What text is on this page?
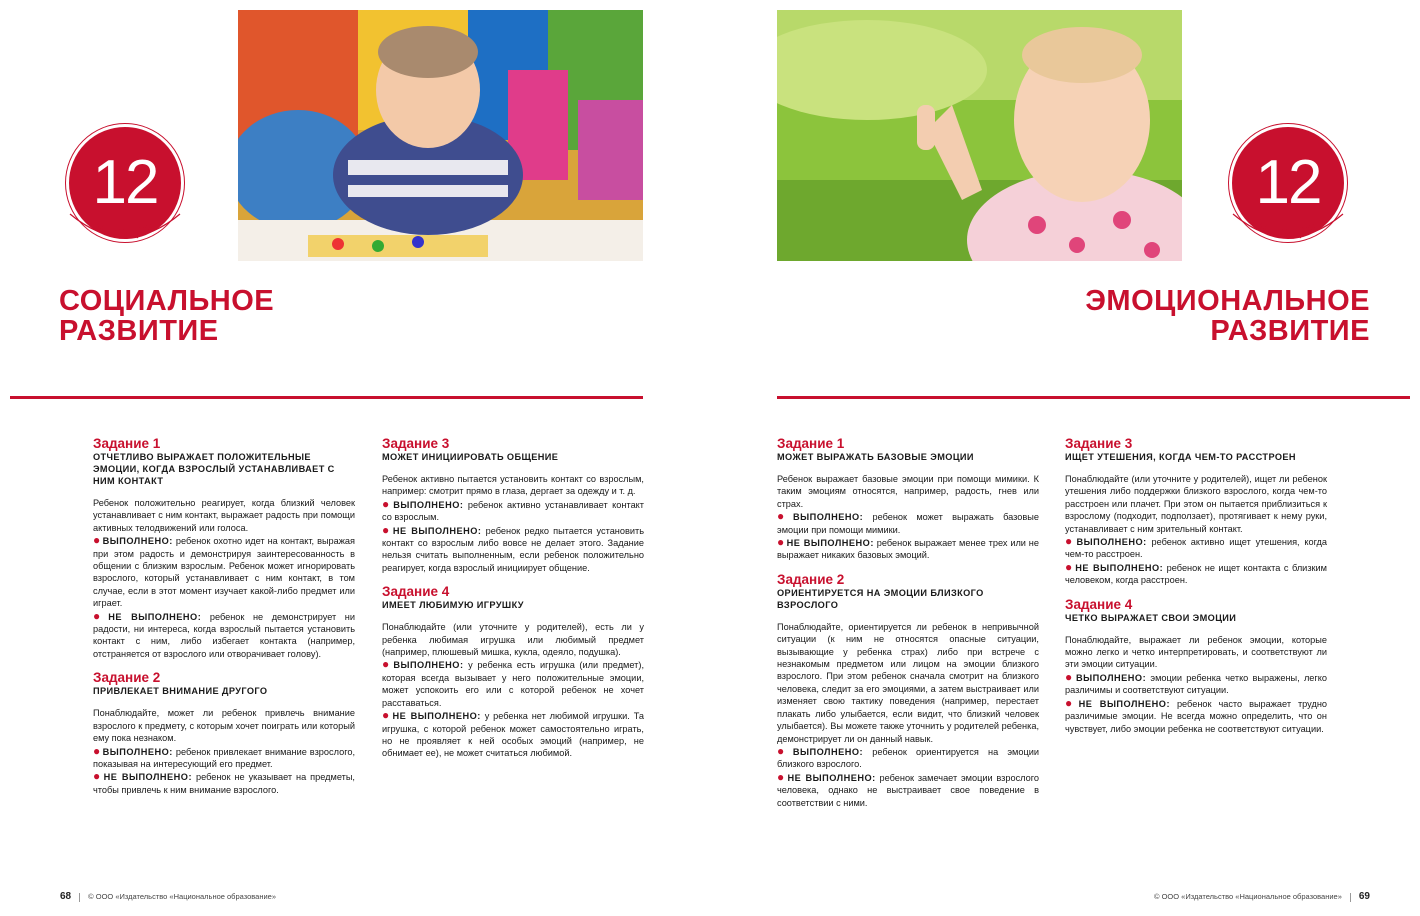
12
МЕСЯЦЕВ
СОЦИАЛЬНОЕ
РАЗВИТИЕ
Задание 1
ОТЧЕТЛИВО ВЫРАЖАЕТ ПОЛОЖИТЕЛЬНЫЕ ЭМОЦИИ, КОГДА ВЗРОСЛЫЙ УСТАНАВЛИВАЕТ С НИМ КОНТАКТ

Ребенок положительно реагирует, когда близкий человек устанавливает с ним контакт, выражает радость при помощи активных телодвижений или голоса.

● ВЫПОЛНЕНО: ребенок охотно идет на контакт, выражая при этом радость и демонстрируя заинтересованность в общении с близким взрослым. Ребенок может игнорировать взрослого, который устанавливает с ним контакт, в том случае, если в этот момент изучает какой-либо предмет или играет.

● НЕ ВЫПОЛНЕНО: ребенок не демонстрирует ни радости, ни интереса, когда взрослый пытается установить контакт с ним, либо избегает контакта (например, отстраняется от взрослого или отворачивает голову).

Задание 2
ПРИВЛЕКАЕТ ВНИМАНИЕ ДРУГОГО

Понаблюдайте, может ли ребенок привлечь внимание взрослого к предмету, с которым хочет поиграть или который ему пока незнаком.

● ВЫПОЛНЕНО: ребенок привлекает внимание взрослого, показывая на интересующий его предмет.

● НЕ ВЫПОЛНЕНО: ребенок не указывает на предметы, чтобы привлечь к ним внимание взрослого.

Задание 3
МОЖЕТ ИНИЦИИРОВАТЬ ОБЩЕНИЕ

Ребенок активно пытается установить контакт со взрослым, например: смотрит прямо в глаза, дергает за одежду и т. д.

● ВЫПОЛНЕНО: ребенок активно устанавливает контакт со взрослым.

● НЕ ВЫПОЛНЕНО: ребенок редко пытается установить контакт со взрослым либо вовсе не делает этого. Задание нельзя считать выполненным, если ребенок положительно реагирует, когда взрослый инициирует общение.

Задание 4
ИМЕЕТ ЛЮБИМУЮ ИГРУШКУ

Понаблюдайте (или уточните у родителей), есть ли у ребенка любимая игрушка или любимый предмет (например, плюшевый мишка, кукла, одеяло, подушка).

● ВЫПОЛНЕНО: у ребенка есть игрушка (или предмет), которая всегда вызывает у него положительные эмоции, может успокоить его или с которой ребенок не хочет расставаться.

● НЕ ВЫПОЛНЕНО: у ребенка нет любимой игрушки. Та игрушка, с которой ребенок может самостоятельно играть, но не проявляет к ней особых эмоций (например, не обнимает ее), не может считаться любимой.

68 © ООО «Издательство «Национальное образование»
12
МЕСЯЦЕВ
ЭМОЦИОНАЛЬНОЕ
РАЗВИТИЕ
Задание 1
МОЖЕТ ВЫРАЖАТЬ БАЗОВЫЕ ЭМОЦИИ

Ребенок выражает базовые эмоции при помощи мимики. К таким эмоциям относятся, например, радость, гнев или страх.

● ВЫПОЛНЕНО: ребенок может выражать базовые эмоции при помощи мимики.

● НЕ ВЫПОЛНЕНО: ребенок выражает менее трех или не выражает никаких базовых эмоций.

Задание 2
ОРИЕНТИРУЕТСЯ НА ЭМОЦИИ БЛИЗКОГО ВЗРОСЛОГО

Понаблюдайте, ориентируется ли ребенок в непривычной ситуации (к ним не относятся опасные ситуации, вызывающие у ребенка страх) либо при встрече с незнакомым предметом или лицом на эмоции близкого взрослого. При этом ребенок сначала смотрит на близкого человека, следит за его эмоциями, а затем выстраивает или изменяет свою тактику поведения (например, перестает плакать либо улыбается, если видит, что близкий человек улыбается). Вы можете также уточнить у родителей ребенка, демонстрирует ли он данный навык.

● ВЫПОЛНЕНО: ребенок ориентируется на эмоции близкого взрослого.

● НЕ ВЫПОЛНЕНО: ребенок замечает эмоции взрослого человека, однако не выстраивает свое поведение в соответствии с ними.

Задание 3
ИЩЕТ УТЕШЕНИЯ, КОГДА ЧЕМ-ТО РАССТРОЕН

Понаблюдайте (или уточните у родителей), ищет ли ребенок утешения либо поддержки близкого взрослого, когда чем-то расстроен или плачет. При этом он пытается приблизиться к взрослому (подходит, подползает), протягивает к нему руки, устанавливает с ним зрительный контакт.

● ВЫПОЛНЕНО: ребенок активно ищет утешения, когда чем-то расстроен.

● НЕ ВЫПОЛНЕНО: ребенок не ищет контакта с близким человеком, когда расстроен.

Задание 4
ЧЕТКО ВЫРАЖАЕТ СВОИ ЭМОЦИИ

Понаблюдайте, выражает ли ребенок эмоции, которые можно легко и четко интерпретировать, и соответствуют ли эти эмоции ситуации.

● ВЫПОЛНЕНО: эмоции ребенка четко выражены, легко различимы и соответствуют ситуации.

● НЕ ВЫПОЛНЕНО: ребенок часто выражает трудно различимые эмоции. Не всегда можно определить, что он чувствует, либо эмоции ребенка не соответствуют ситуации.

© ООО «Издательство «Национальное образование» 69
